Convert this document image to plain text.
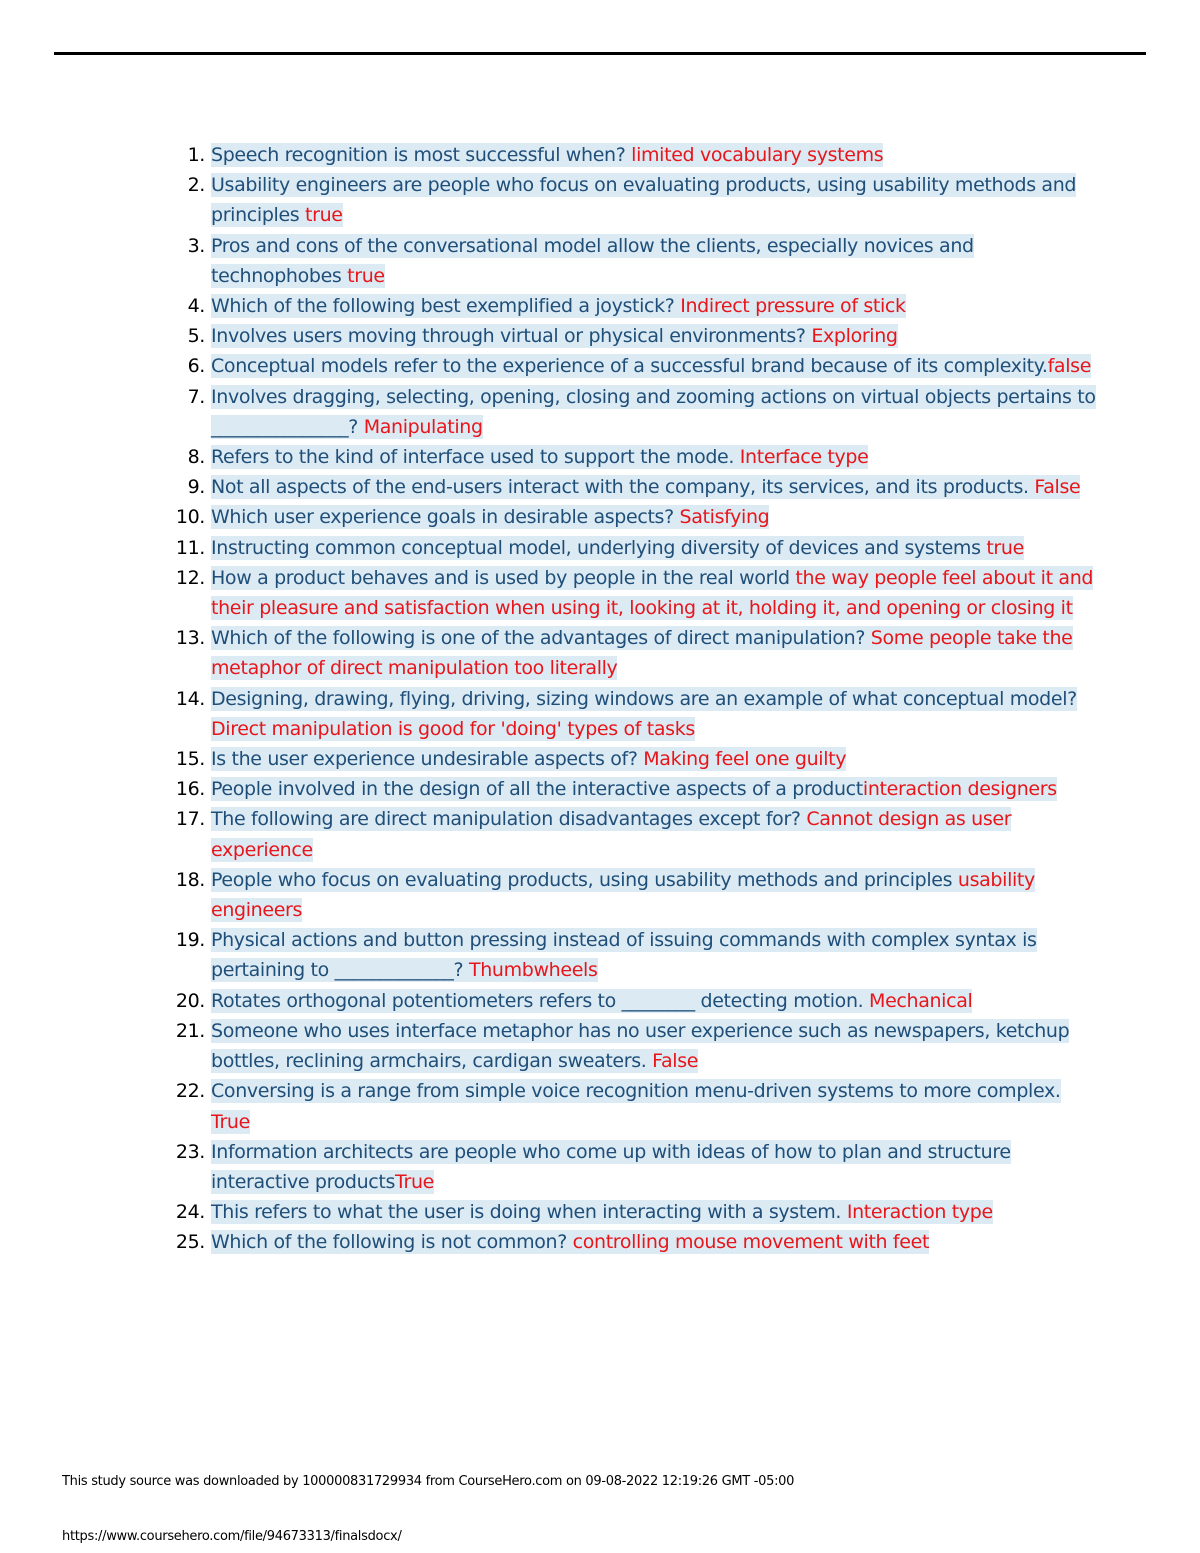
1. Speech recognition is most successful when? limited vocabulary systems
2. Usability engineers are people who focus on evaluating products, using usability methods and principles true
3. Pros and cons of the conversational model allow the clients, especially novices and technophobes true
4. Which of the following best exemplified a joystick? Indirect pressure of stick
5. Involves users moving through virtual or physical environments? Exploring
6. Conceptual models refer to the experience of a successful brand because of its complexity.false
7. Involves dragging, selecting, opening, closing and zooming actions on virtual objects pertains to _______________? Manipulating
8. Refers to the kind of interface used to support the mode. Interface type
9. Not all aspects of the end-users interact with the company, its services, and its products. False
10. Which user experience goals in desirable aspects? Satisfying
11. Instructing common conceptual model, underlying diversity of devices and systems true
12. How a product behaves and is used by people in the real world the way people feel about it and their pleasure and satisfaction when using it, looking at it, holding it, and opening or closing it
13. Which of the following is one of the advantages of direct manipulation? Some people take the metaphor of direct manipulation too literally
14. Designing, drawing, flying, driving, sizing windows are an example of what conceptual model? Direct manipulation is good for 'doing' types of tasks
15. Is the user experience undesirable aspects of? Making feel one guilty
16. People involved in the design of all the interactive aspects of a productinteraction designers
17. The following are direct manipulation disadvantages except for? Cannot design as user experience
18. People who focus on evaluating products, using usability methods and principles usability engineers
19. Physical actions and button pressing instead of issuing commands with complex syntax is pertaining to _____________? Thumbwheels
20. Rotates orthogonal potentiometers refers to ________ detecting motion. Mechanical
21. Someone who uses interface metaphor has no user experience such as newspapers, ketchup bottles, reclining armchairs, cardigan sweaters. False
22. Conversing is a range from simple voice recognition menu-driven systems to more complex. True
23. Information architects are people who come up with ideas of how to plan and structure interactive productsTrue
24. This refers to what the user is doing when interacting with a system. Interaction type
25. Which of the following is not common? controlling mouse movement with feet
This study source was downloaded by 100000831729934 from CourseHero.com on 09-08-2022 12:19:26 GMT -05:00
https://www.coursehero.com/file/94673313/finalsdocx/
